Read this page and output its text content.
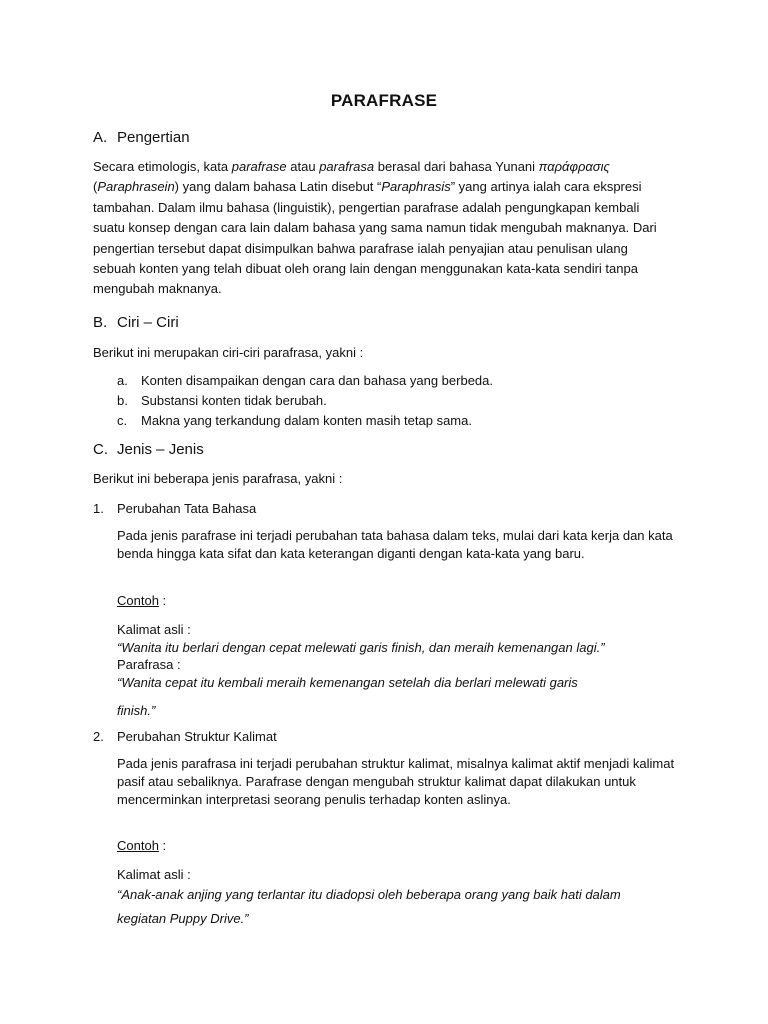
PARAFRASE
A. Pengertian

Secara etimologis, kata parafrase atau parafrasa berasal dari bahasa Yunani παράφρασις (Paraphrasein) yang dalam bahasa Latin disebut “Paraphrasis” yang artinya ialah cara ekspresi tambahan. Dalam ilmu bahasa (linguistik), pengertian parafrase adalah pengungkapan kembali suatu konsep dengan cara lain dalam bahasa yang sama namun tidak mengubah maknanya. Dari pengertian tersebut dapat disimpulkan bahwa parafrase ialah penyajian atau penulisan ulang sebuah konten yang telah dibuat oleh orang lain dengan menggunakan kata-kata sendiri tanpa mengubah maknanya.

B. Ciri – Ciri

Berikut ini merupakan ciri-ciri parafrasa, yakni :

a. Konten disampaikan dengan cara dan bahasa yang berbeda.
b. Substansi konten tidak berubah.
c. Makna yang terkandung dalam konten masih tetap sama.
C. Jenis – Jenis

Berikut ini beberapa jenis parafrasa, yakni :

1. Perubahan Tata Bahasa

Pada jenis parafrase ini terjadi perubahan tata bahasa dalam teks, mulai dari kata kerja dan kata benda hingga kata sifat dan kata keterangan diganti dengan kata-kata yang baru.

Contoh :
Kalimat asli :
“Wanita itu berlari dengan cepat melewati garis finish, dan meraih kemenangan lagi.”
Parafrasa :
“Wanita cepat itu kembali meraih kemenangan setelah dia berlari melewati garis
finish.”
2. Perubahan Struktur Kalimat

Pada jenis parafrasa ini terjadi perubahan struktur kalimat, misalnya kalimat aktif menjadi kalimat pasif atau sebaliknya. Parafrase dengan mengubah struktur kalimat dapat dilakukan untuk mencerminkan interpretasi seorang penulis terhadap konten aslinya.

Contoh :
Kalimat asli :
“Anak-anak anjing yang terlantar itu diadopsi oleh beberapa orang yang baik hati dalam
kegiatan Puppy Drive.”
